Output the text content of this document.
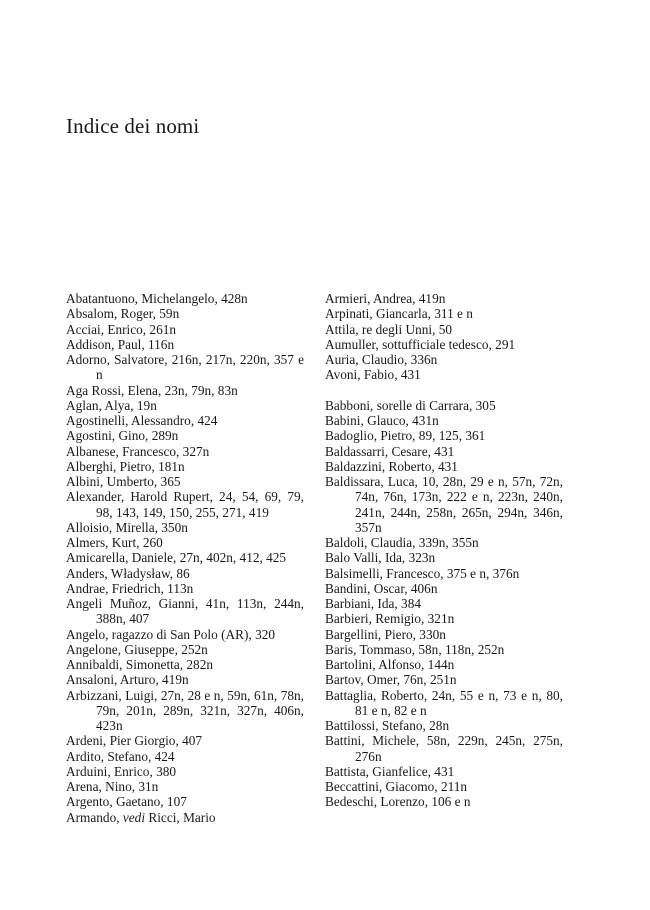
Indice dei nomi

Abatantuono, Michelangelo, 428n

Absalom, Roger, 59n

Acciai, Enrico, 261n

Addison, Paul, 116n

Adorno, Salvatore, 216n, 217n, 220n, 357 e n

Aga Rossi, Elena, 23n, 79n, 83n

Aglan, Alya, 19n

Agostinelli, Alessandro, 424

Agostini, Gino, 289n

Albanese, Francesco, 327n

Alberghi, Pietro, 181n

Albini, Umberto, 365

Alexander, Harold Rupert, 24, 54, 69, 79, 98, 143, 149, 150, 255, 271, 419

Alloisio, Mirella, 350n

Almers, Kurt, 260

Amicarella, Daniele, 27n, 402n, 412, 425

Anders, Władysław, 86

Andrae, Friedrich, 113n

Angeli Muñoz, Gianni, 41n, 113n, 244n, 388n, 407

Angelo, ragazzo di San Polo (AR), 320

Angelone, Giuseppe, 252n

Annibaldi, Simonetta, 282n

Ansaloni, Arturo, 419n

Arbizzani, Luigi, 27n, 28 e n, 59n, 61n, 78n, 79n, 201n, 289n, 321n, 327n, 406n, 423n

Ardeni, Pier Giorgio, 407

Ardito, Stefano, 424

Arduini, Enrico, 380

Arena, Nino, 31n

Argento, Gaetano, 107

Armando, vedi Ricci, Mario

Armieri, Andrea, 419n

Arpinati, Giancarla, 311 e n

Attila, re degli Unni, 50

Aumuller, sottufficiale tedesco, 291

Auria, Claudio, 336n

Avoni, Fabio, 431

Babboni, sorelle di Carrara, 305

Babini, Glauco, 431n

Badoglio, Pietro, 89, 125, 361

Baldassarri, Cesare, 431

Baldazzini, Roberto, 431

Baldissara, Luca, 10, 28n, 29 e n, 57n, 72n, 74n, 76n, 173n, 222 e n, 223n, 240n, 241n, 244n, 258n, 265n, 294n, 346n, 357n

Baldoli, Claudia, 339n, 355n

Balo Valli, Ida, 323n

Balsimelli, Francesco, 375 e n, 376n

Bandini, Oscar, 406n

Barbiani, Ida, 384

Barbieri, Remigio, 321n

Bargellini, Piero, 330n

Baris, Tommaso, 58n, 118n, 252n

Bartolini, Alfonso, 144n

Bartov, Omer, 76n, 251n

Battaglia, Roberto, 24n, 55 e n, 73 e n, 80, 81 e n, 82 e n

Battilossi, Stefano, 28n

Battini, Michele, 58n, 229n, 245n, 275n, 276n

Battista, Gianfelice, 431

Beccattini, Giacomo, 211n

Bedeschi, Lorenzo, 106 e n
